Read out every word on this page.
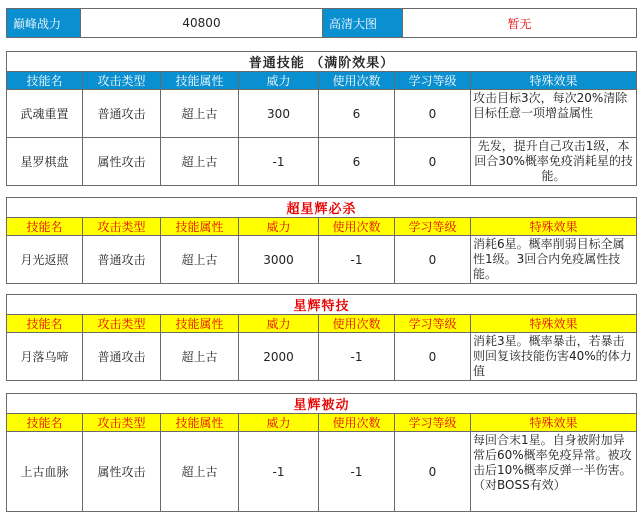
巅峰战力	40800	高清大图	暂无
普通技能 （满阶效果）						
技能名	攻击类型	技能属性	威力	使用次数	学习等级	特殊效果
武魂重置	普通攻击	超上古	300	6	0	攻击目标3次，每次20%清除目标任意一项增益属性
星罗棋盘	属性攻击	超上古	-1	6	0	先发，提升自己攻击1级，本回合30%概率免疫消耗星的技能。
超星辉必杀						
技能名	攻击类型	技能属性	威力	使用次数	学习等级	特殊效果
月光返照	普通攻击	超上古	3000	-1	0	消耗6星。概率削弱目标全属性1级。3回合内免疫属性技能。
星辉特技						
技能名	攻击类型	技能属性	威力	使用次数	学习等级	特殊效果
月落乌啼	普通攻击	超上古	2000	-1	0	消耗3星。概率暴击，若暴击则回复该技能伤害40%的体力值
星辉被动						
技能名	攻击类型	技能属性	威力	使用次数	学习等级	特殊效果
上古血脉	属性攻击	超上古	-1	-1	0	每回合末1星。自身被附加异常后60%概率免疫异常。被攻击后10%概率反弹一半伤害。（对BOSS有效）
